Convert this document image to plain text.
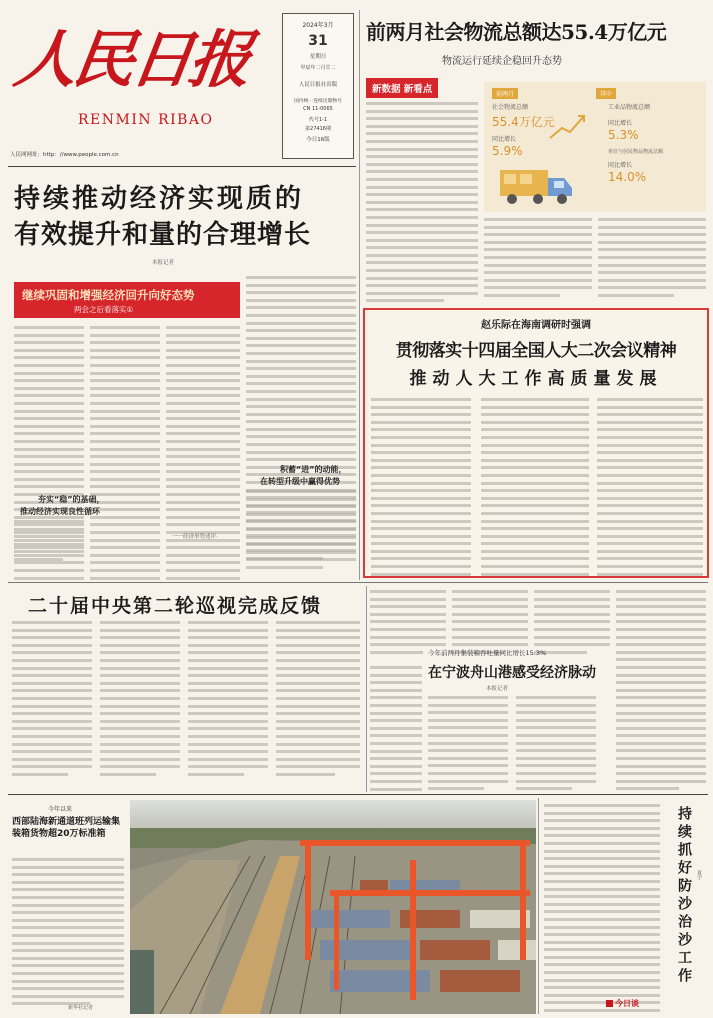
人民日报
RENMIN RIBAO
人民网网址：http：//www.people.com.cn
2024年3月
31
星期日
甲辰年二月廿二
人民日报社出版
国内统一连续出版物号
CN 11-0065
代号1-1
第27416期
今日16版
前两月社会物流总额达55.4万亿元
物流运行延续企稳回升态势
新数据 新看点	前两月	其中
社会物流总额
55.4万亿元
同比增长
5.9%
工业品物流总额
同比增长
5.3%
单位与居民物品物流总额
同比增长
14.0%
持续推动经济实现质的
有效提升和量的合理增长
本报记者
继续巩固和增强经济回升向好态势
两会之后看落实①
夯实“稳”的基础，
推动经济实现良性循环
一一经济形势述评·
积蓄“进”的动能，
在转型升级中赢得优势
赵乐际在海南调研时强调
贯彻落实十四届全国人大二次会议精神
推动人大工作高质量发展
二十届中央第二轮巡视完成反馈
今年前两月集装箱吞吐量同比增长15.3%
在宁波舟山港感受经济脉动
本报记者
今年以来
西部陆海新通道班列运输集装箱货物超20万标准箱
新华社记者	今日谈
持续抓好防沙治沙工作 夏宇
